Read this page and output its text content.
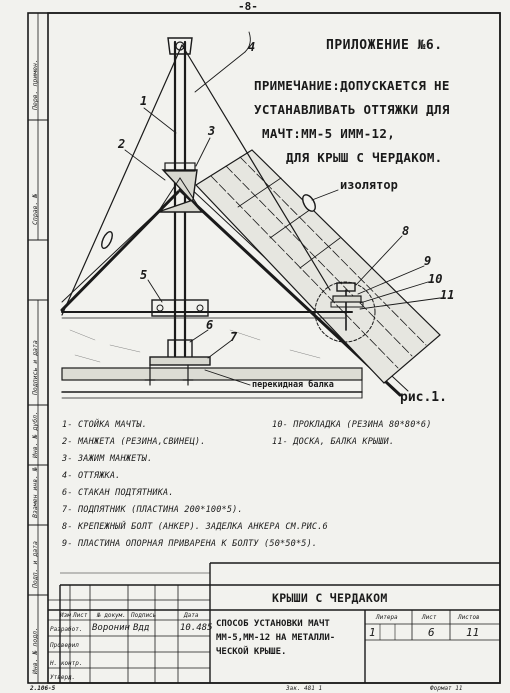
-8-
ПРИЛОЖЕНИЕ №6.
ПРИМЕЧАНИЕ:ДОПУСКАЕТСЯ НЕ
УСТАНАВЛИВАТЬ ОТТЯЖКИ ДЛЯ
МАЧТ:ММ-5 ИММ-12,
ДЛЯ КРЫШ С ЧЕРДАКОМ.
1
2
3
4
5
6
7
8
9
10
11
изолятор
перекидная балка
рис.1.
1- СТОЙКА МАЧТЫ.
2- МАНЖЕТА (РЕЗИНА,СВИНЕЦ).
3- ЗАЖИМ МАНЖЕТЫ.
4- ОТТЯЖКА.
6- СТАКАН ПОДТЯТНИКА.
7- ПОДПЯТНИК (ПЛАСТИНА 200*100*5).
8- КРЕПЕЖНЫЙ БОЛТ (АНКЕР). ЗАДЕЛКА АНКЕРА СМ.РИС.6
9- ПЛАСТИНА ОПОРНАЯ ПРИВАРЕНА К БОЛТУ (50*50*5).
10- ПРОКЛАДКА (РЕЗИНА 80*80*6)
11- ДОСКА, БАЛКА КРЫШИ.
Перв. примен.
Справ. №
Подпись и дата
Инв. № дубл.
Взамен инв. №
Подп. и дата
Инв. № подл.
КРЫШИ С ЧЕРДАКОМ
СПОСОБ УСТАНОВКИ МАЧТ
ММ-5,ММ-12 НА МЕТАЛЛИ-
ЧЕСКОЙ КРЫШЕ.
Изм Лист № докум. Подпись	Дата
Разработ.
Проверил
Н. контр.
Утверд.
Воронин Вдд	10.485
Литера	Лист	Листов
1	6	11
2.106-5	Зак. 481 1	Формат 11
